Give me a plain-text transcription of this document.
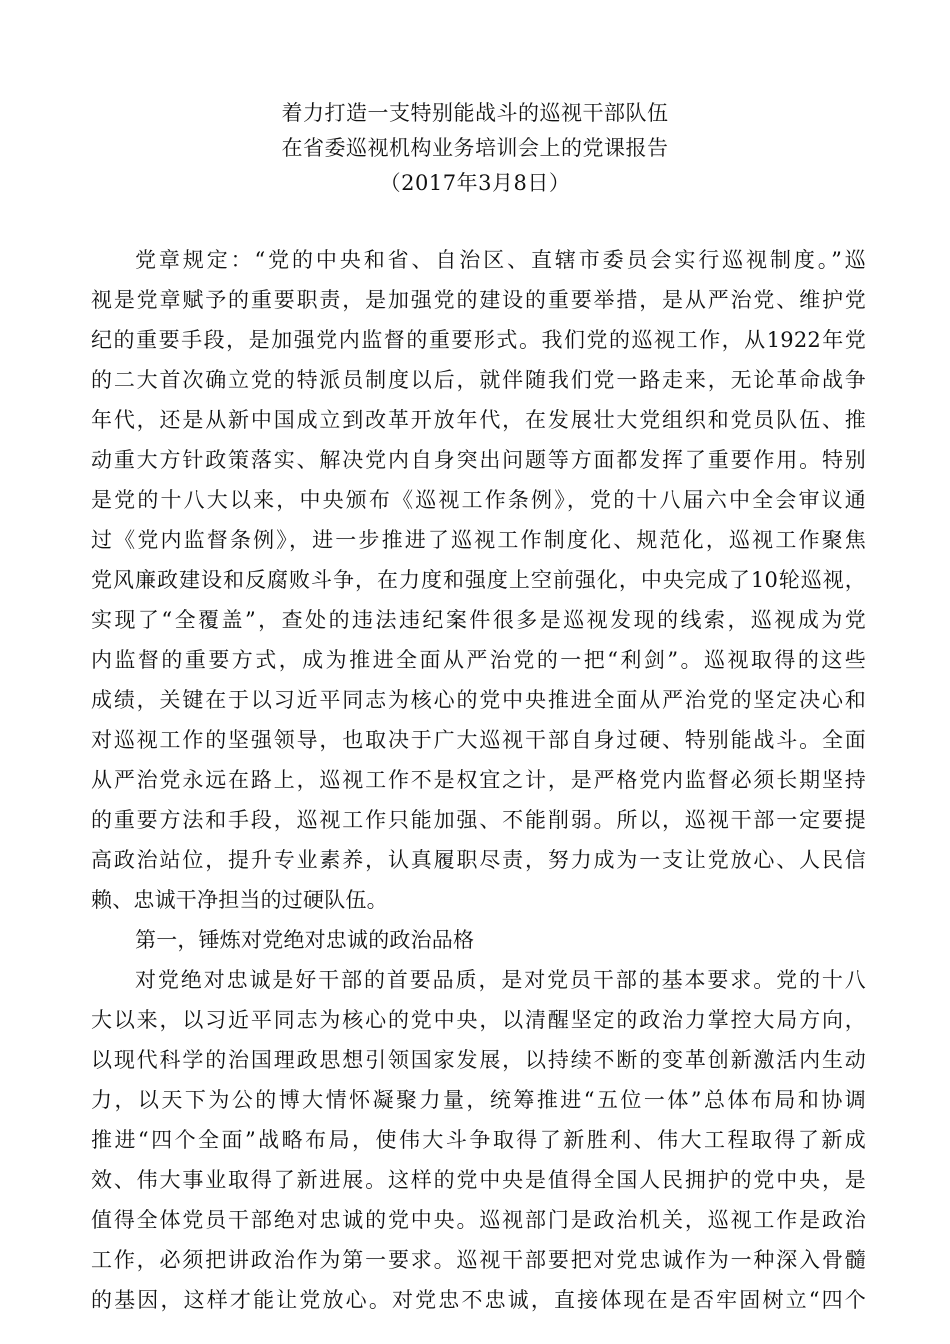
着力打造一支特别能战斗的巡视干部队伍
在省委巡视机构业务培训会上的党课报告
（2017年3月8日）
党章规定：“党的中央和省、自治区、直辖市委员会实行巡视制度。”巡
视是党章赋予的重要职责，是加强党的建设的重要举措，是从严治党、维护党
纪的重要手段，是加强党内监督的重要形式。我们党的巡视工作，从1922年党
的二大首次确立党的特派员制度以后，就伴随我们党一路走来，无论革命战争
年代，还是从新中国成立到改革开放年代，在发展壮大党组织和党员队伍、推
动重大方针政策落实、解决党内自身突出问题等方面都发挥了重要作用。特别
是党的十八大以来，中央颁布《巡视工作条例》，党的十八届六中全会审议通
过《党内监督条例》，进一步推进了巡视工作制度化、规范化，巡视工作聚焦
党风廉政建设和反腐败斗争，在力度和强度上空前强化，中央完成了10轮巡视，
实现了“全覆盖”，查处的违法违纪案件很多是巡视发现的线索，巡视成为党
内监督的重要方式，成为推进全面从严治党的一把“利剑”。巡视取得的这些
成绩，关键在于以习近平同志为核心的党中央推进全面从严治党的坚定决心和
对巡视工作的坚强领导，也取决于广大巡视干部自身过硬、特别能战斗。全面
从严治党永远在路上，巡视工作不是权宜之计，是严格党内监督必须长期坚持
的重要方法和手段，巡视工作只能加强、不能削弱。所以，巡视干部一定要提
高政治站位，提升专业素养，认真履职尽责，努力成为一支让党放心、人民信
赖、忠诚干净担当的过硬队伍。
第一，锤炼对党绝对忠诚的政治品格
对党绝对忠诚是好干部的首要品质，是对党员干部的基本要求。党的十八
大以来，以习近平同志为核心的党中央，以清醒坚定的政治力掌控大局方向，
以现代科学的治国理政思想引领国家发展，以持续不断的变革创新激活内生动
力，以天下为公的博大情怀凝聚力量，统筹推进“五位一体”总体布局和协调
推进“四个全面”战略布局，使伟大斗争取得了新胜利、伟大工程取得了新成
效、伟大事业取得了新进展。这样的党中央是值得全国人民拥护的党中央，是
值得全体党员干部绝对忠诚的党中央。巡视部门是政治机关，巡视工作是政治
工作，必须把讲政治作为第一要求。巡视干部要把对党忠诚作为一种深入骨髓
的基因，这样才能让党放心。对党忠不忠诚，直接体现在是否牢固树立“四个
